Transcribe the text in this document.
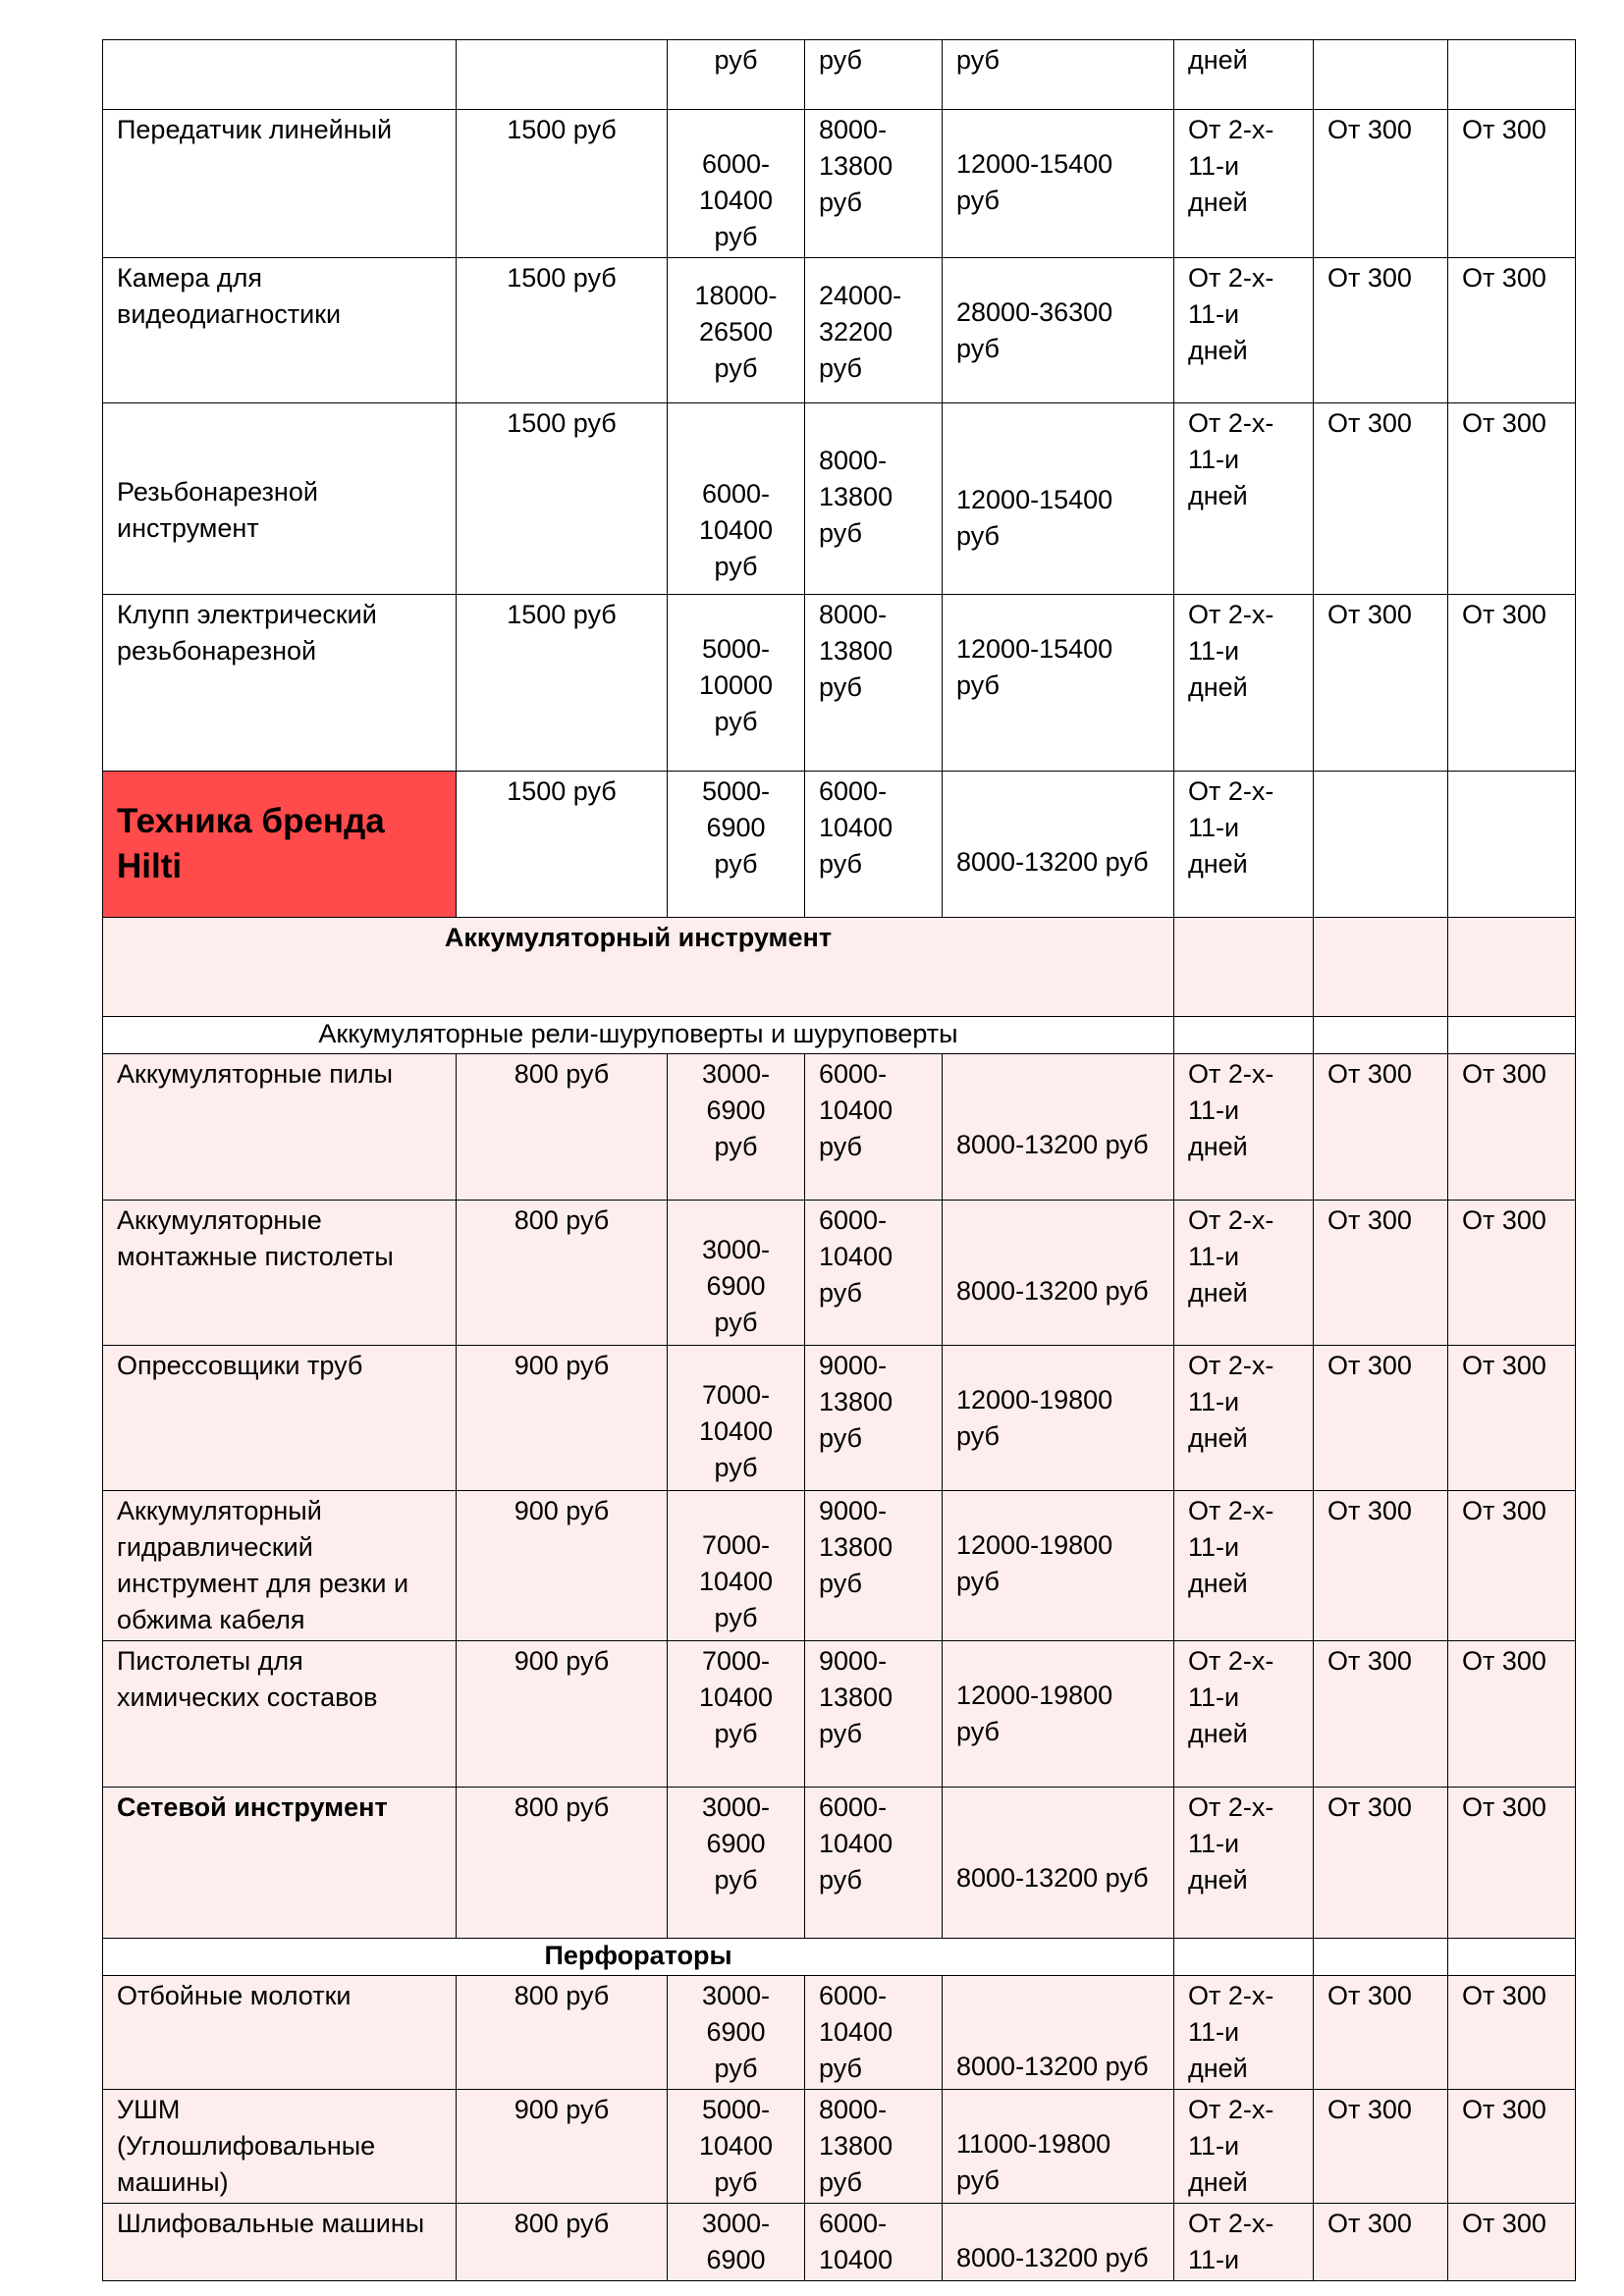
		руб	руб	руб	дней		
Передатчик линейный	1500 руб	6000-
10400
руб	8000-
13800
руб	12000-15400
руб	От 2-х-
11-и
дней	От 300	От 300
Камера для
видеодиагностики	1500 руб	18000-
26500
руб	24000-
32200
руб	28000-36300
руб	От 2-х-
11-и
дней	От 300	От 300
Резьбонарезной
инструмент	1500 руб	6000-
10400
руб	8000-
13800
руб	12000-15400
руб	От 2-х-
11-и
дней	От 300	От 300
Клупп электрический
резьбонарезной	1500 руб	5000-
10000
руб	8000-
13800
руб	12000-15400
руб	От 2-х-
11-и
дней	От 300	От 300
Техника бренда
Hilti	1500 руб	5000-
6900
руб	6000-
10400
руб	8000-13200 руб	От 2-х-
11-и
дней		
Аккумуляторный инструмент							
Аккумуляторные рели-шуруповерты и шуруповерты							
Аккумуляторные пилы	800 руб	3000-
6900
руб	6000-
10400
руб	8000-13200 руб	От 2-х-
11-и
дней	От 300	От 300
Аккумуляторные
монтажные пистолеты	800 руб	3000-
6900
руб	6000-
10400
руб	8000-13200 руб	От 2-х-
11-и
дней	От 300	От 300
Опрессовщики труб	900 руб	7000-
10400
руб	9000-
13800
руб	12000-19800
руб	От 2-х-
11-и
дней	От 300	От 300
Аккумуляторный
гидравлический
инструмент для резки и
обжима кабеля	900 руб	7000-
10400
руб	9000-
13800
руб	12000-19800
руб	От 2-х-
11-и
дней	От 300	От 300
Пистолеты для
химических составов	900 руб	7000-
10400
руб	9000-
13800
руб	12000-19800
руб	От 2-х-
11-и
дней	От 300	От 300
Сетевой инструмент	800 руб	3000-
6900
руб	6000-
10400
руб	8000-13200 руб	От 2-х-
11-и
дней	От 300	От 300
Перфораторы							
Отбойные молотки	800 руб	3000-
6900
руб	6000-
10400
руб	8000-13200 руб	От 2-х-
11-и
дней	От 300	От 300
УШМ
(Углошлифовальные
машины)	900 руб	5000-
10400
руб	8000-
13800
руб	11000-19800
руб	От 2-х-
11-и
дней	От 300	От 300
Шлифовальные машины	800 руб	3000-
6900	6000-
10400	8000-13200 руб	От 2-х-
11-и	От 300	От 300
